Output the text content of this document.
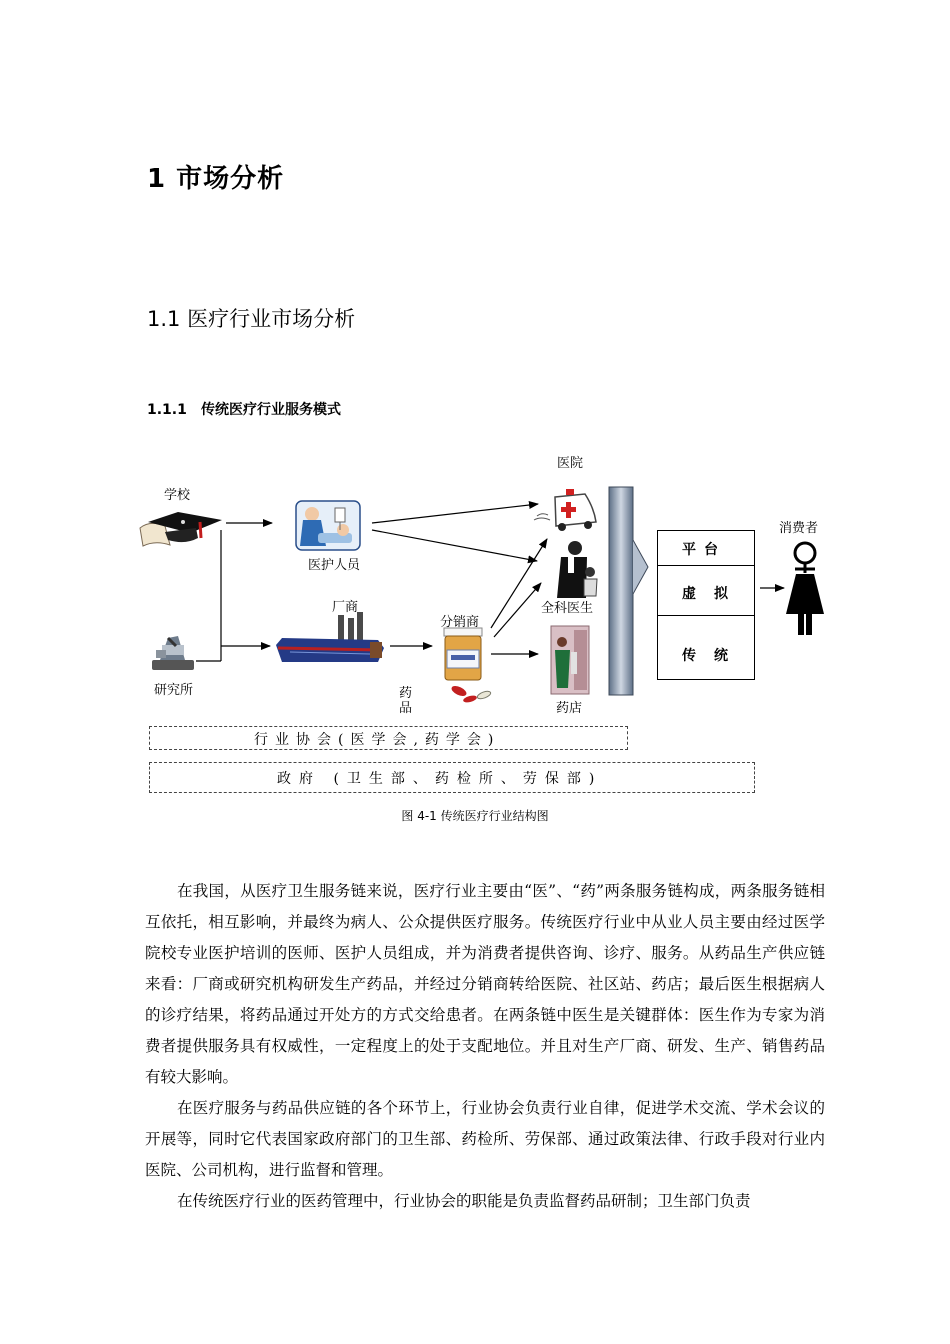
1 市场分析
1.1 医疗行业市场分析
1.1.1 传统医疗行业服务模式
学校
研究所
医护人员
厂商
分销商
药品
医院
全科医生
药店
消费者
平台
虚拟
传统
行业协会(医学会,药学会)
政府 (卫生部、药检所、劳保部)
图 4-1 传统医疗行业结构图

在我国，从医疗卫生服务链来说，医疗行业主要由“医”、“药”两条服务链构成，两条服务链相互依托，相互影响，并最终为病人、公众提供医疗服务。传统医疗行业中从业人员主要由经过医学院校专业医护培训的医师、医护人员组成，并为消费者提供咨询、诊疗、服务。从药品生产供应链来看：厂商或研究机构研发生产药品，并经过分销商转给医院、社区站、药店；最后医生根据病人的诊疗结果，将药品通过开处方的方式交给患者。在两条链中医生是关键群体：医生作为专家为消费者提供服务具有权威性，一定程度上的处于支配地位。并且对生产厂商、研发、生产、销售药品有较大影响。

在医疗服务与药品供应链的各个环节上，行业协会负责行业自律，促进学术交流、学术会议的开展等，同时它代表国家政府部门的卫生部、药检所、劳保部、通过政策法律、行政手段对行业内医院、公司机构，进行监督和管理。

在传统医疗行业的医药管理中，行业协会的职能是负责监督药品研制；卫生部门负责
